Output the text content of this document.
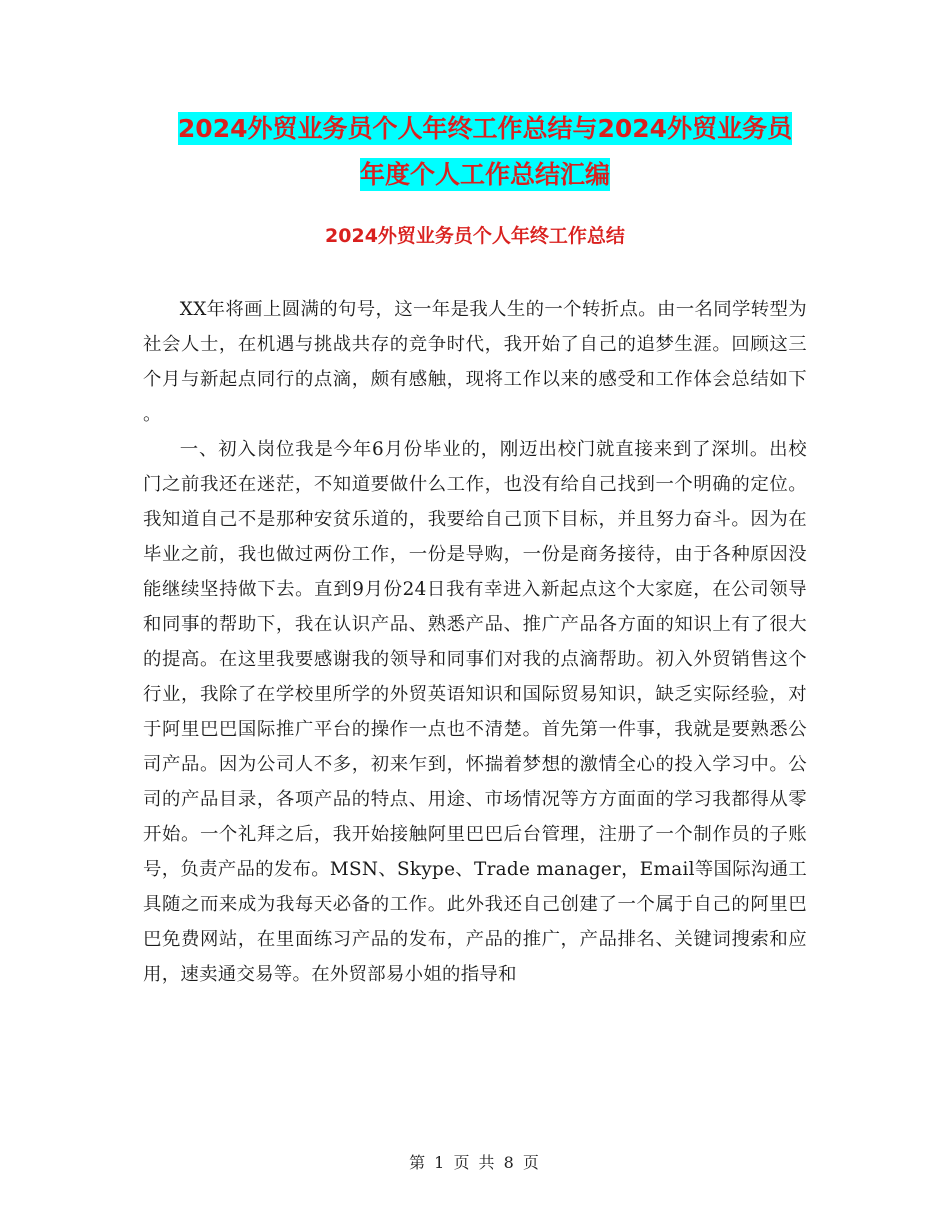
2024外贸业务员个人年终工作总结与2024外贸业务员
年度个人工作总结汇编
2024外贸业务员个人年终工作总结

XX年将画上圆满的句号，这一年是我人生的一个转折点。由一名同学转型为社会人士，在机遇与挑战共存的竞争时代，我开始了自己的追梦生涯。回顾这三个月与新起点同行的点滴，颇有感触，现将工作以来的感受和工作体会总结如下 。

一、初入岗位我是今年6月份毕业的，刚迈出校门就直接来到了深圳。出校门之前我还在迷茫，不知道要做什么工作，也没有给自己找到一个明确的定位。我知道自己不是那种安贫乐道的，我要给自己顶下目标，并且努力奋斗。因为在毕业之前，我也做过两份工作，一份是导购，一份是商务接待，由于各种原因没能继续坚持做下去。直到9月份24日我有幸进入新起点这个大家庭，在公司领导和同事的帮助下，我在认识产品、熟悉产品、推广产品各方面的知识上有了很大的提高。在这里我要感谢我的领导和同事们对我的点滴帮助。初入外贸销售这个行业，我除了在学校里所学的外贸英语知识和国际贸易知识，缺乏实际经验，对于阿里巴巴国际推广平台的操作一点也不清楚。首先第一件事，我就是要熟悉公司产品。因为公司人不多，初来乍到，怀揣着梦想的激情全心的投入学习中。公司的产品目录，各项产品的特点、用途、市场情况等方方面面的学习我都得从零开始。一个礼拜之后，我开始接触阿里巴巴后台管理，注册了一个制作员的子账号，负责产品的发布。MSN、Skype、Trade manager，Email等国际沟通工具随之而来成为我每天必备的工作。此外我还自己创建了一个属于自己的阿里巴巴免费网站，在里面练习产品的发布，产品的推广，产品排名、关键词搜索和应用，速卖通交易等。在外贸部易小姐的指导和

第 1 页 共 8 页
